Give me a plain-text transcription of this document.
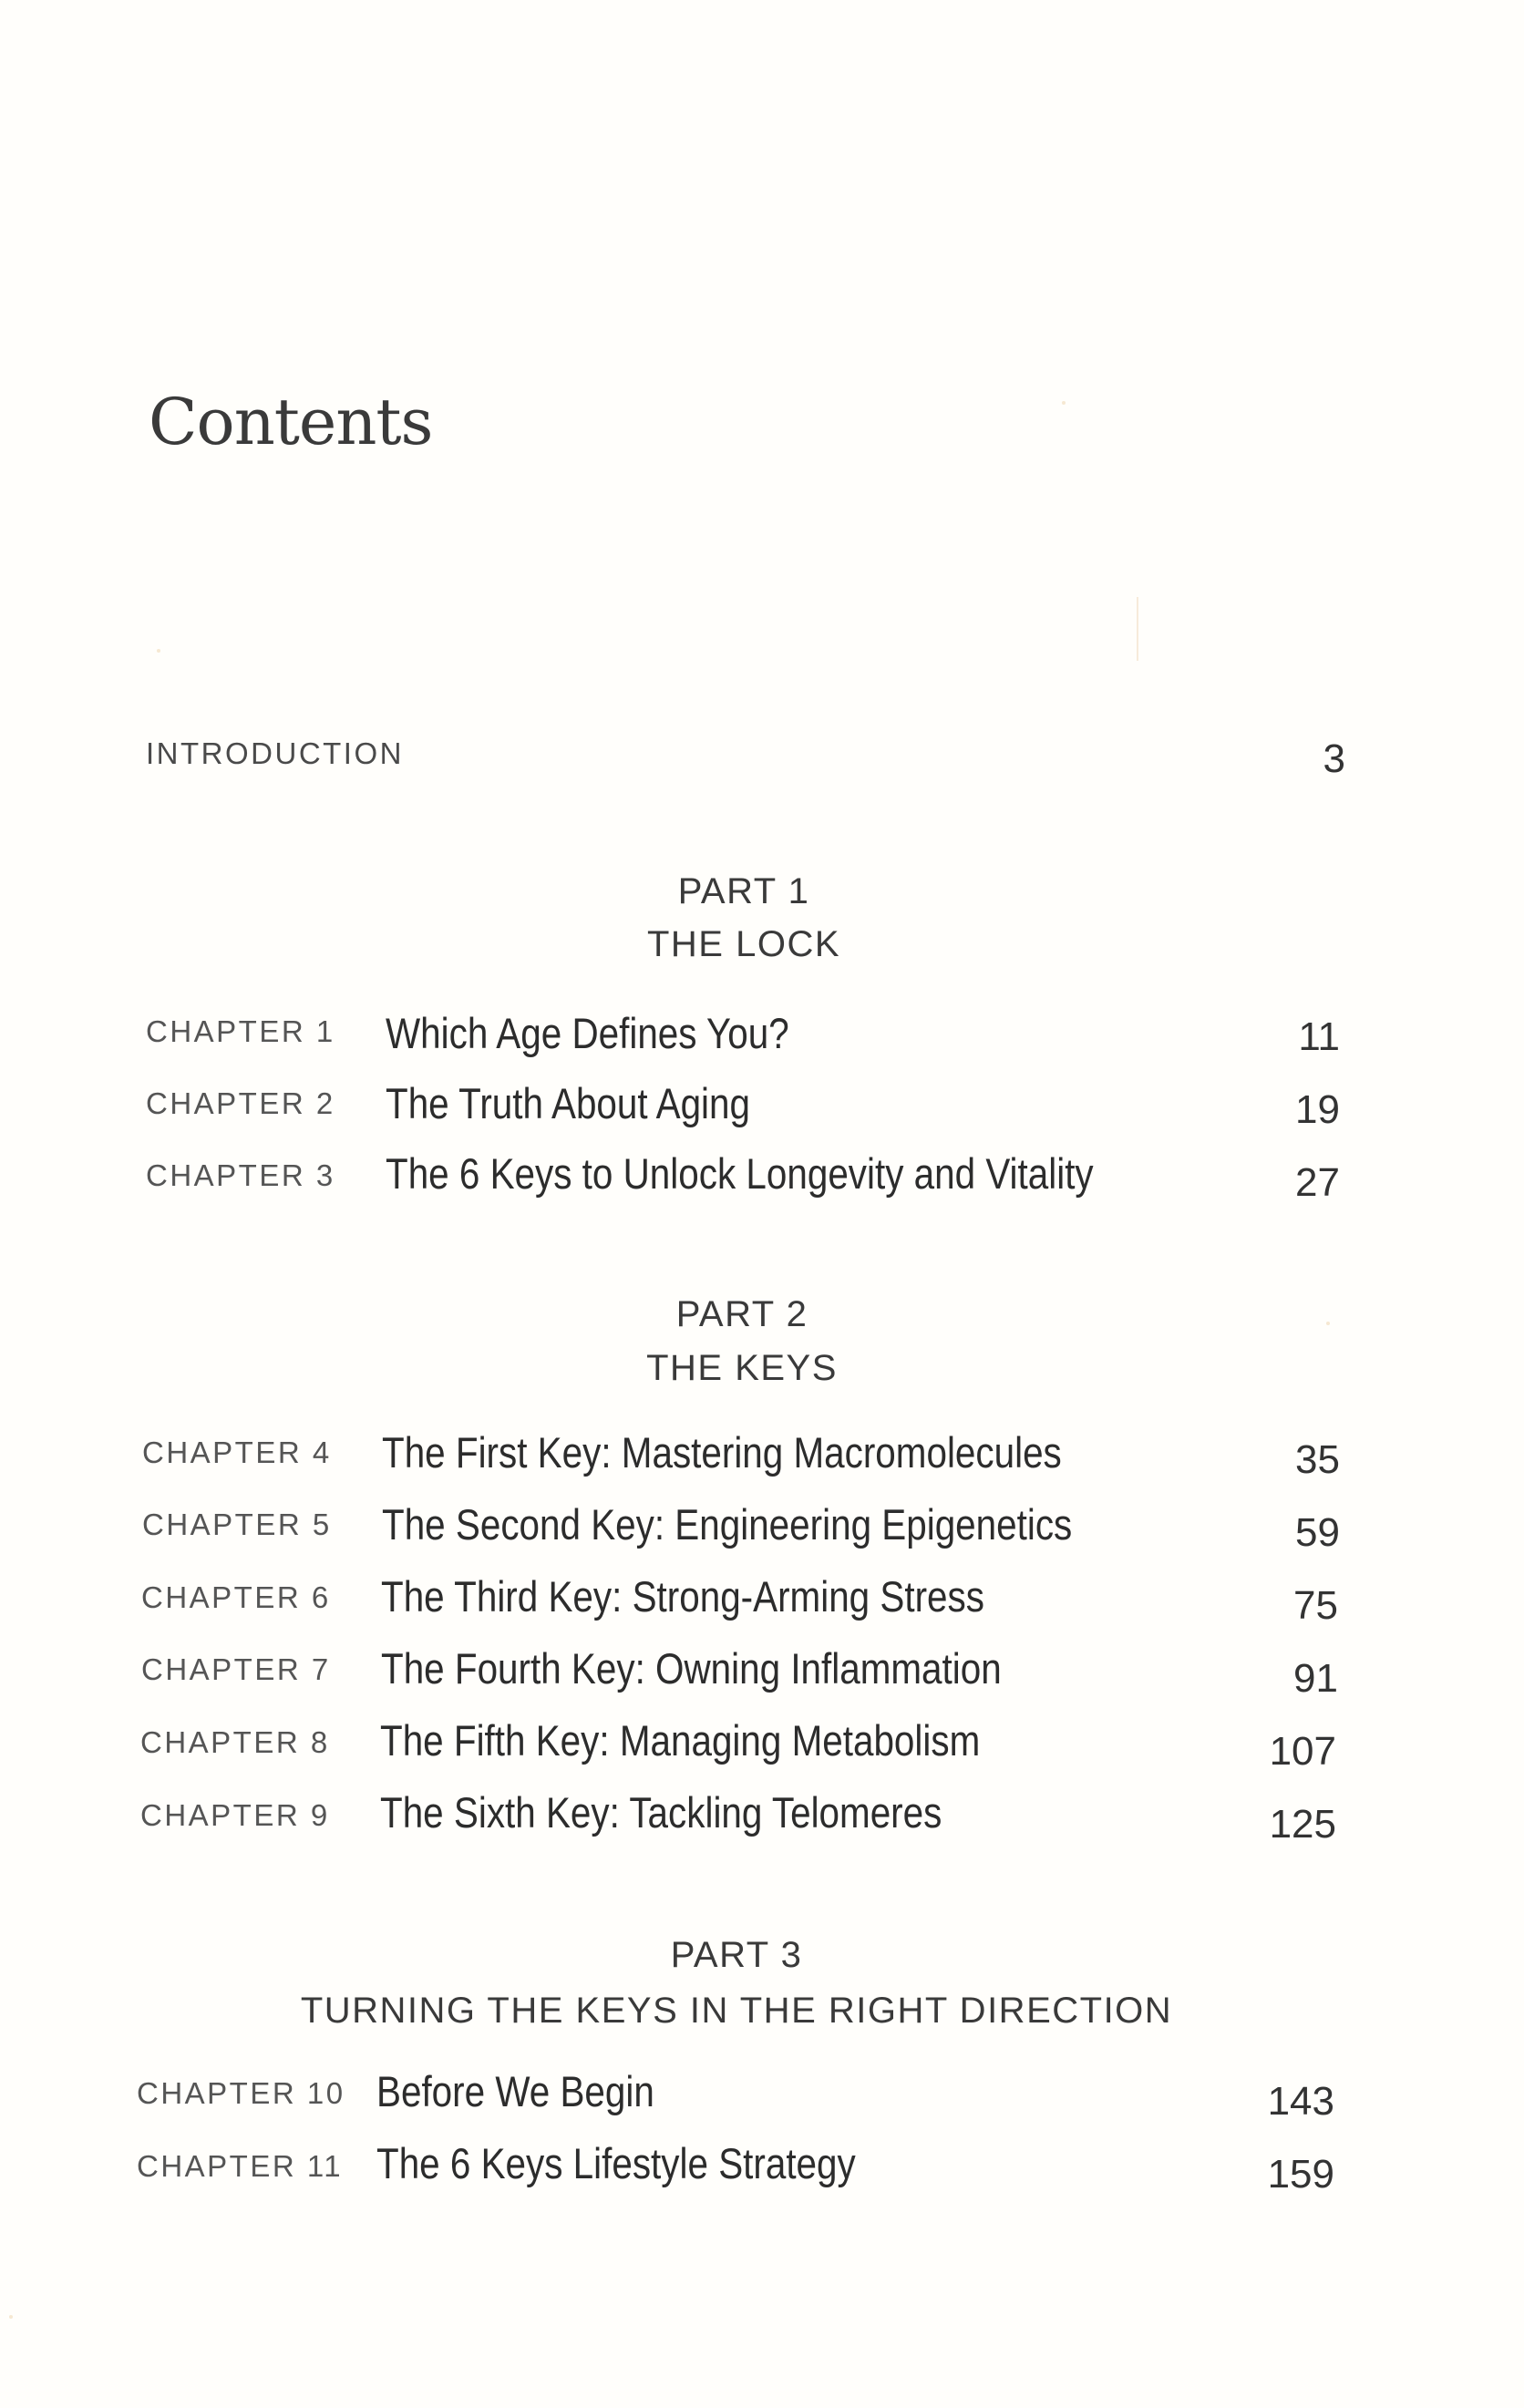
Contents
INTRODUCTION	3
PART 1
THE LOCK
CHAPTER 1 Which Age Defines You?	11
CHAPTER 2 The Truth About Aging	19
CHAPTER 3 The 6 Keys to Unlock Longevity and Vitality	27
PART 2
THE KEYS
CHAPTER 4 The First Key: Mastering Macromolecules	35
CHAPTER 5 The Second Key: Engineering Epigenetics	59
CHAPTER 6 The Third Key: Strong-Arming Stress	75
CHAPTER 7 The Fourth Key: Owning Inflammation	91
CHAPTER 8 The Fifth Key: Managing Metabolism	107
CHAPTER 9 The Sixth Key: Tackling Telomeres	125
PART 3
TURNING THE KEYS IN THE RIGHT DIRECTION
CHAPTER 10 Before We Begin	143
CHAPTER 11 The 6 Keys Lifestyle Strategy	159
